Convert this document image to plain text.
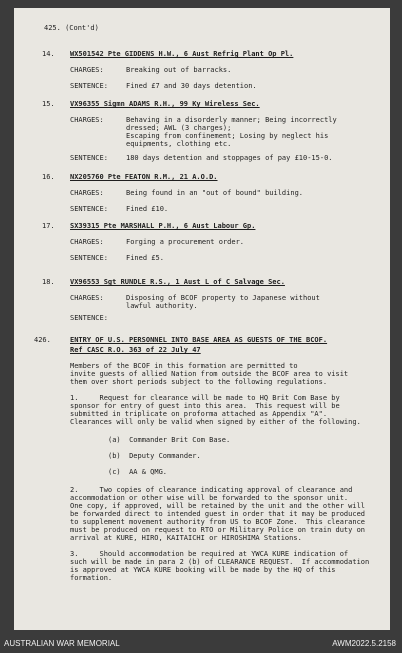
425. (Cont'd)
14. WX501542 Pte GIDDENS H.W., 6 Aust Refrig Plant Op Pl.
CHARGES:	Breaking out of barracks.
SENTENCE:	Fined £7 and 30 days detention.
15. VX96355 Sigmn ADAMS R.H., 99 Ky Wireless Sec.
CHARGES:	Behaving in a disorderly manner; Being incorrectly
dressed; AWL (3 charges);
Escaping from confinement; Losing by neglect his
equipments, clothing etc.
SENTENCE:	180 days detention and stoppages of pay £10-15-0.
16. NX205760 Pte FEATON R.M., 21 A.O.D.
CHARGES:	Being found in an "out of bound" building.
SENTENCE:	Fined £10.
17. SX39315 Pte MARSHALL P.H., 6 Aust Labour Gp.
CHARGES:	Forging a procurement order.
SENTENCE:	Fined £5.
18. VX96553 Sgt RUNDLE R.S., 1 Aust L of C Salvage Sec.
CHARGES:	Disposing of BCOF property to Japanese without
lawful authority.
SENTENCE:
426.	ENTRY OF U.S. PERSONNEL INTO BASE AREA AS GUESTS OF THE BCOF.
Ref CASC R.O. 363 of 22 July 47
Members of the BCOF in this formation are permitted to
invite guests of allied Nation from outside the BCOF area to visit
them over short periods subject to the following regulations.
1.     Request for clearance will be made to HQ Brit Com Base by
sponsor for entry of guest into this area.  This request will be
submitted in triplicate on proforma attached as Appendix "A".
Clearances will only be valid when signed by either of the following.
(a)  Commander Brit Com Base.
(b)  Deputy Commander.
(c)  AA & QMG.
2.     Two copies of clearance indicating approval of clearance and
accommodation or other wise will be forwarded to the sponsor unit.
One copy, if approved, will be retained by the unit and the other will
be forwarded direct to intended guest in order that it may be produced
to supplement movement authority from US to BCOF Zone.  This clearance
must be produced on request to RTO or Military Police on train duty on
arrival at KURE, HIRO, KAITAICHI or HIROSHIMA Stations.
3.     Should accommodation be required at YWCA KURE indication of
such will be made in para 2 (b) of CLEARANCE REQUEST.  If accommodation
is approved at YWCA KURE booking will be made by the HQ of this
formation.
AUSTRALIAN WAR MEMORIAL	AWM2022.5.2158
